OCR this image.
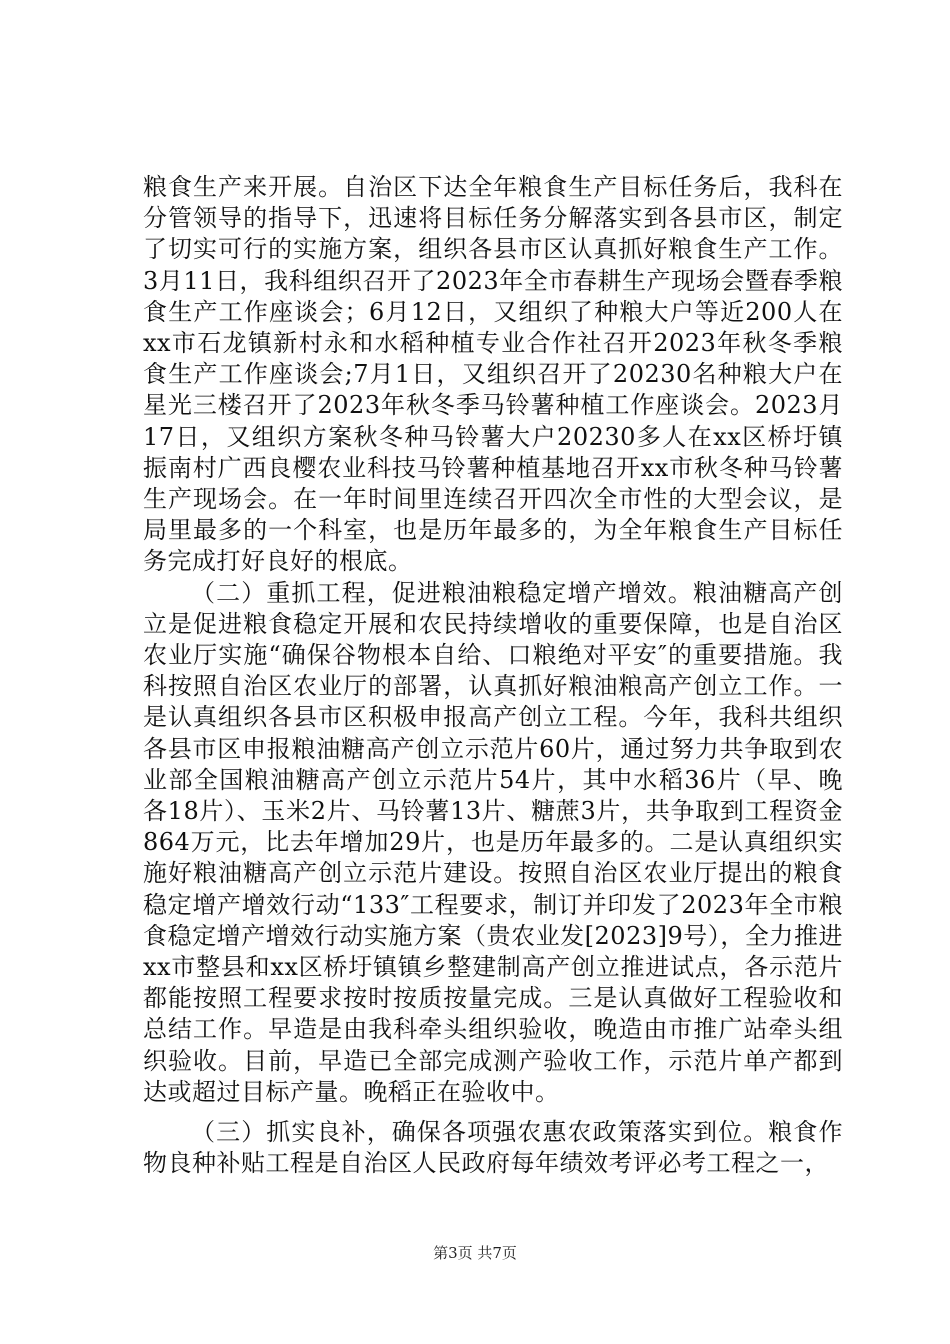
粮食生产来开展。自治区下达全年粮食生产目标任务后，我科在分管领导的指导下，迅速将目标任务分解落实到各县市区，制定了切实可行的实施方案，组织各县市区认真抓好粮食生产工作。3月11日，我科组织召开了2023年全市春耕生产现场会暨春季粮食生产工作座谈会；6月12日，又组织了种粮大户等近200人在xx市石龙镇新村永和水稻种植专业合作社召开2023年秋冬季粮食生产工作座谈会;7月1日，又组织召开了20230名种粮大户在星光三楼召开了2023年秋冬季马铃薯种植工作座谈会。2023月17日，又组织方案秋冬种马铃薯大户20230多人在xx区桥圩镇振南村广西良樱农业科技马铃薯种植基地召开xx市秋冬种马铃薯生产现场会。在一年时间里连续召开四次全市性的大型会议，是局里最多的一个科室，也是历年最多的，为全年粮食生产目标任务完成打好良好的根底。

（二）重抓工程，促进粮油粮稳定增产增效。粮油糖高产创立是促进粮食稳定开展和农民持续增收的重要保障，也是自治区农业厅实施“确保谷物根本自给、口粮绝对平安″的重要措施。我科按照自治区农业厅的部署，认真抓好粮油粮高产创立工作。一是认真组织各县市区积极申报高产创立工程。今年，我科共组织各县市区申报粮油糖高产创立示范片60片，通过努力共争取到农业部全国粮油糖高产创立示范片54片，其中水稻36片（早、晚各18片）、玉米2片、马铃薯13片、糖蔗3片，共争取到工程资金864万元，比去年增加29片，也是历年最多的。二是认真组织实施好粮油糖高产创立示范片建设。按照自治区农业厅提出的粮食稳定增产增效行动“133″工程要求，制订并印发了2023年全市粮食稳定增产增效行动实施方案（贵农业发[2023]9号），全力推进xx市整县和xx区桥圩镇镇乡整建制高产创立推进试点，各示范片都能按照工程要求按时按质按量完成。三是认真做好工程验收和总结工作。早造是由我科牵头组织验收，晚造由市推广站牵头组织验收。目前，早造已全部完成测产验收工作，示范片单产都到达或超过目标产量。晚稻正在验收中。

（三）抓实良补，确保各项强农惠农政策落实到位。粮食作物良种补贴工程是自治区人民政府每年绩效考评必考工程之一，

第3页 共7页
